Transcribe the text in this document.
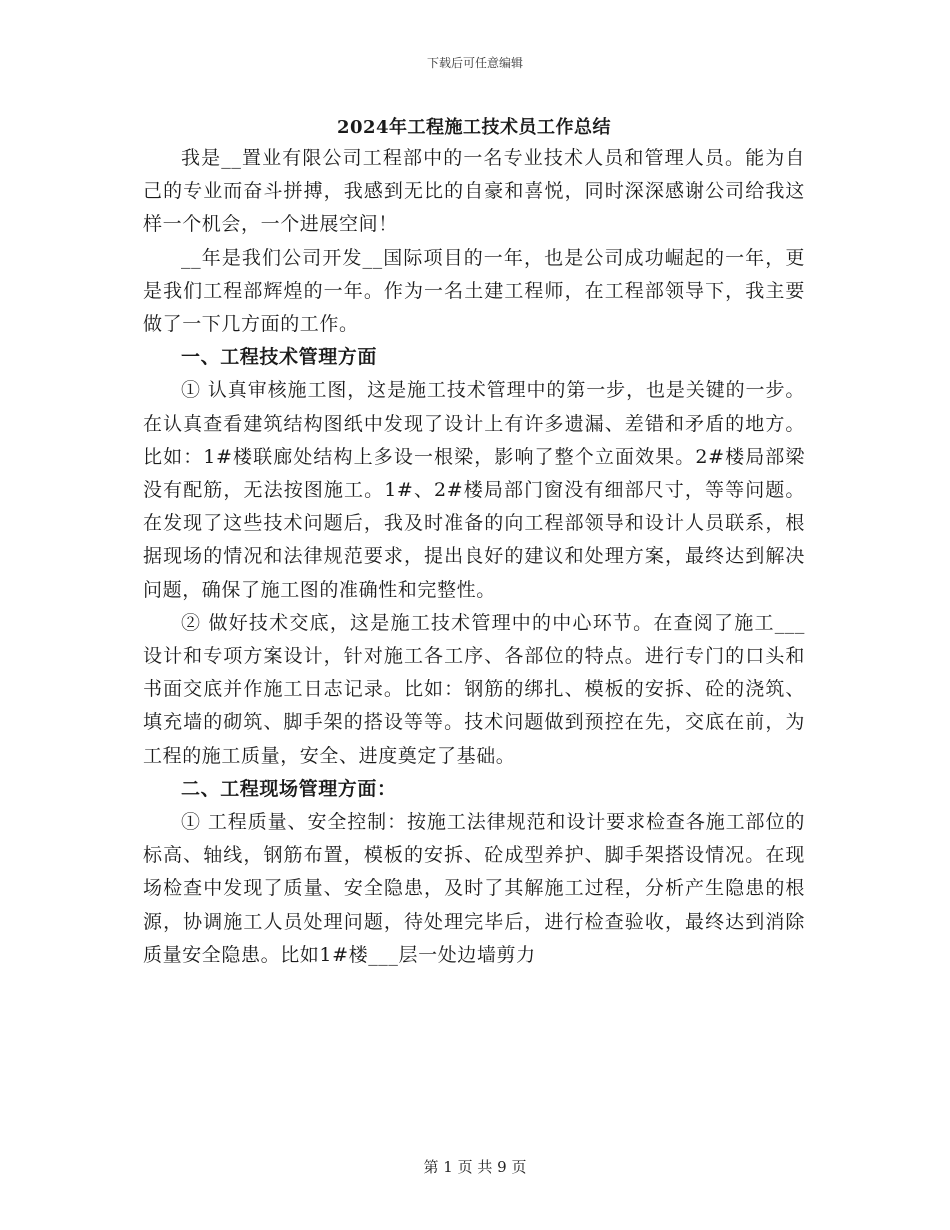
下载后可任意编辑
2024年工程施工技术员工作总结

我是__置业有限公司工程部中的一名专业技术人员和管理人员。能为自己的专业而奋斗拼搏，我感到无比的自豪和喜悦，同时深深感谢公司给我这样一个机会，一个进展空间！

__年是我们公司开发__国际项目的一年，也是公司成功崛起的一年，更是我们工程部辉煌的一年。作为一名土建工程师，在工程部领导下，我主要做了一下几方面的工作。

一、工程技术管理方面

① 认真审核施工图，这是施工技术管理中的第一步，也是关键的一步。在认真查看建筑结构图纸中发现了设计上有许多遗漏、差错和矛盾的地方。比如：1#楼联廊处结构上多设一根梁，影响了整个立面效果。2#楼局部梁没有配筋，无法按图施工。1#、2#楼局部门窗没有细部尺寸，等等问题。在发现了这些技术问题后，我及时准备的向工程部领导和设计人员联系，根据现场的情况和法律规范要求，提出良好的建议和处理方案，最终达到解决问题，确保了施工图的准确性和完整性。

② 做好技术交底，这是施工技术管理中的中心环节。在查阅了施工___设计和专项方案设计，针对施工各工序、各部位的特点。进行专门的口头和书面交底并作施工日志记录。比如：钢筋的绑扎、模板的安拆、砼的浇筑、填充墙的砌筑、脚手架的搭设等等。技术问题做到预控在先，交底在前，为工程的施工质量，安全、进度奠定了基础。

二、工程现场管理方面：

① 工程质量、安全控制：按施工法律规范和设计要求检查各施工部位的标高、轴线，钢筋布置，模板的安拆、砼成型养护、脚手架搭设情况。在现场检查中发现了质量、安全隐患，及时了其解施工过程，分析产生隐患的根源，协调施工人员处理问题，待处理完毕后，进行检查验收，最终达到消除质量安全隐患。比如1#楼___层一处边墙剪力

第 1 页 共 9 页
